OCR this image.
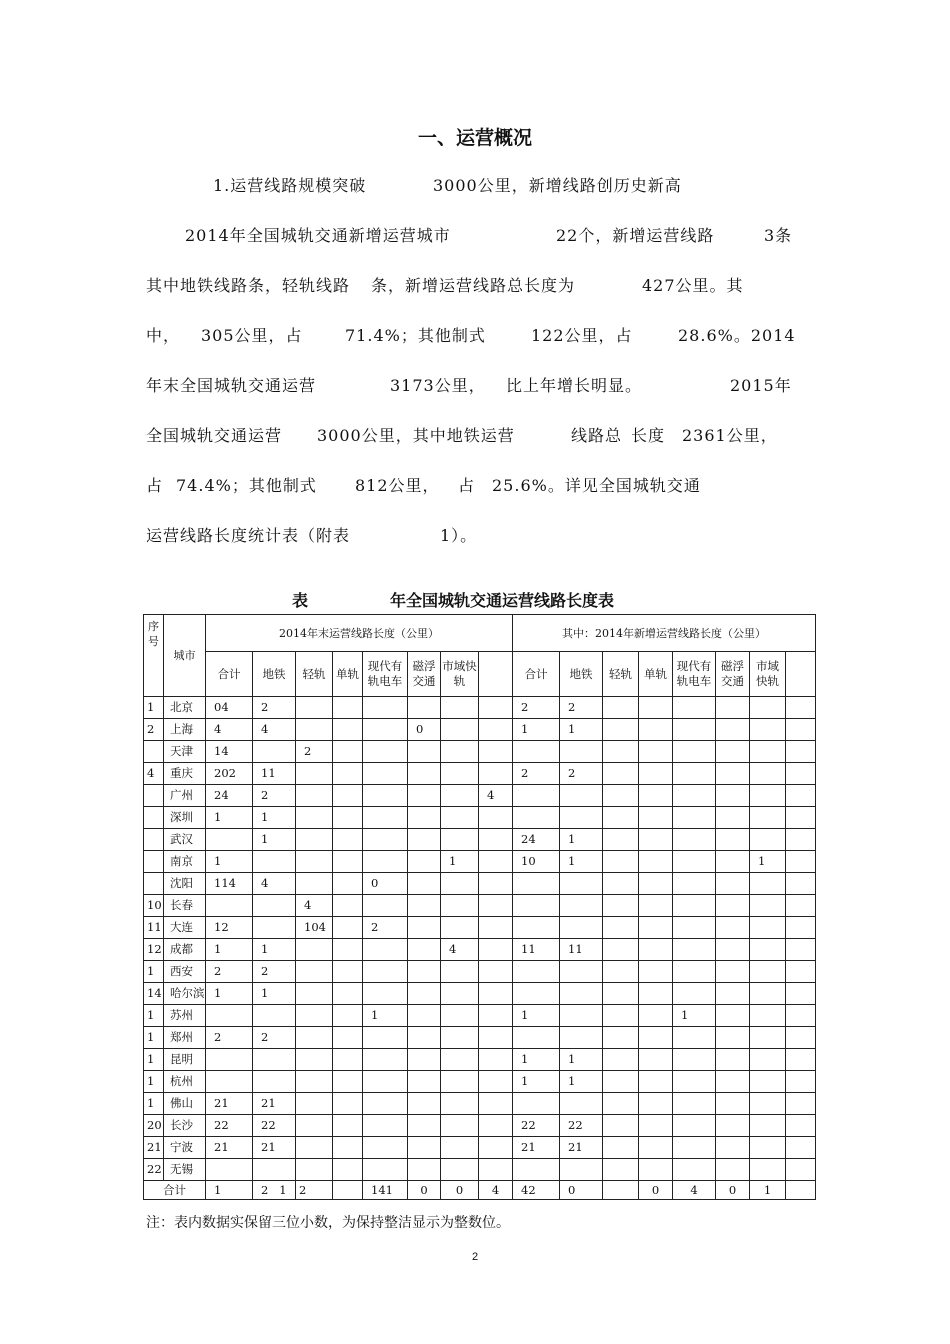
一、运营概况
1.运营线路规模突破	3000公里，新增线路创历史新高
2014年全国城轨交通新增运营城市	22个，新增运营线路	3条
其中地铁线路条，轻轨线路 条，新增运营线路总长度为	427公里。其
中， 305公里，占	71.4%；其他制式	122公里，占	28.6%。2014
年末全国城轨交通运营	3173公里， 比上年增长明显。	2015年
全国城轨交通运营 3000公里，其中地铁运营	线路总 长度 2361公里，
占 74.4%；其他制式 812公里， 占 25.6%。详见全国城轨交通
运营线路长度统计表（附表	1）。
表	年全国城轨交通运营线路长度表
序号	城市	2014年末运营线路长度（公里）								其中：2014年新增运营线路长度（公里）							
		合计	地铁	轻轨	单轨	现代有轨电车	磁浮交通	市域快轨		合计	地铁	轻轨	单轨	现代有轨电车	磁浮交通	市域快轨	
1	北京	04	2							2	2						
2	上海	4	4				0			1	1						
	天津	14		2													
4	重庆	202	11							2	2						
	广州	24	2						4								
	深圳	1	1														
	武汉		1							24	1						
	南京	1						1		10	1					1	
	沈阳	114	4			0											
10	长春			4													
11	大连	12		104		2											
12	成都	1	1					4		11	11						
1	西安	2	2														
14	哈尔滨	1	1														
1	苏州					1				1				1			
1	郑州	2	2														
1	昆明									1	1						
1	杭州									1	1						
1	佛山	21	21														
20	长沙	22	22							22	22						
21	宁波	21	21							21	21						
22	无锡																
合计		1	2   1	2		141	0	0	4	42	0		0	4	0	1	
注：表内数据实保留三位小数，为保持整洁显示为整数位。
2
